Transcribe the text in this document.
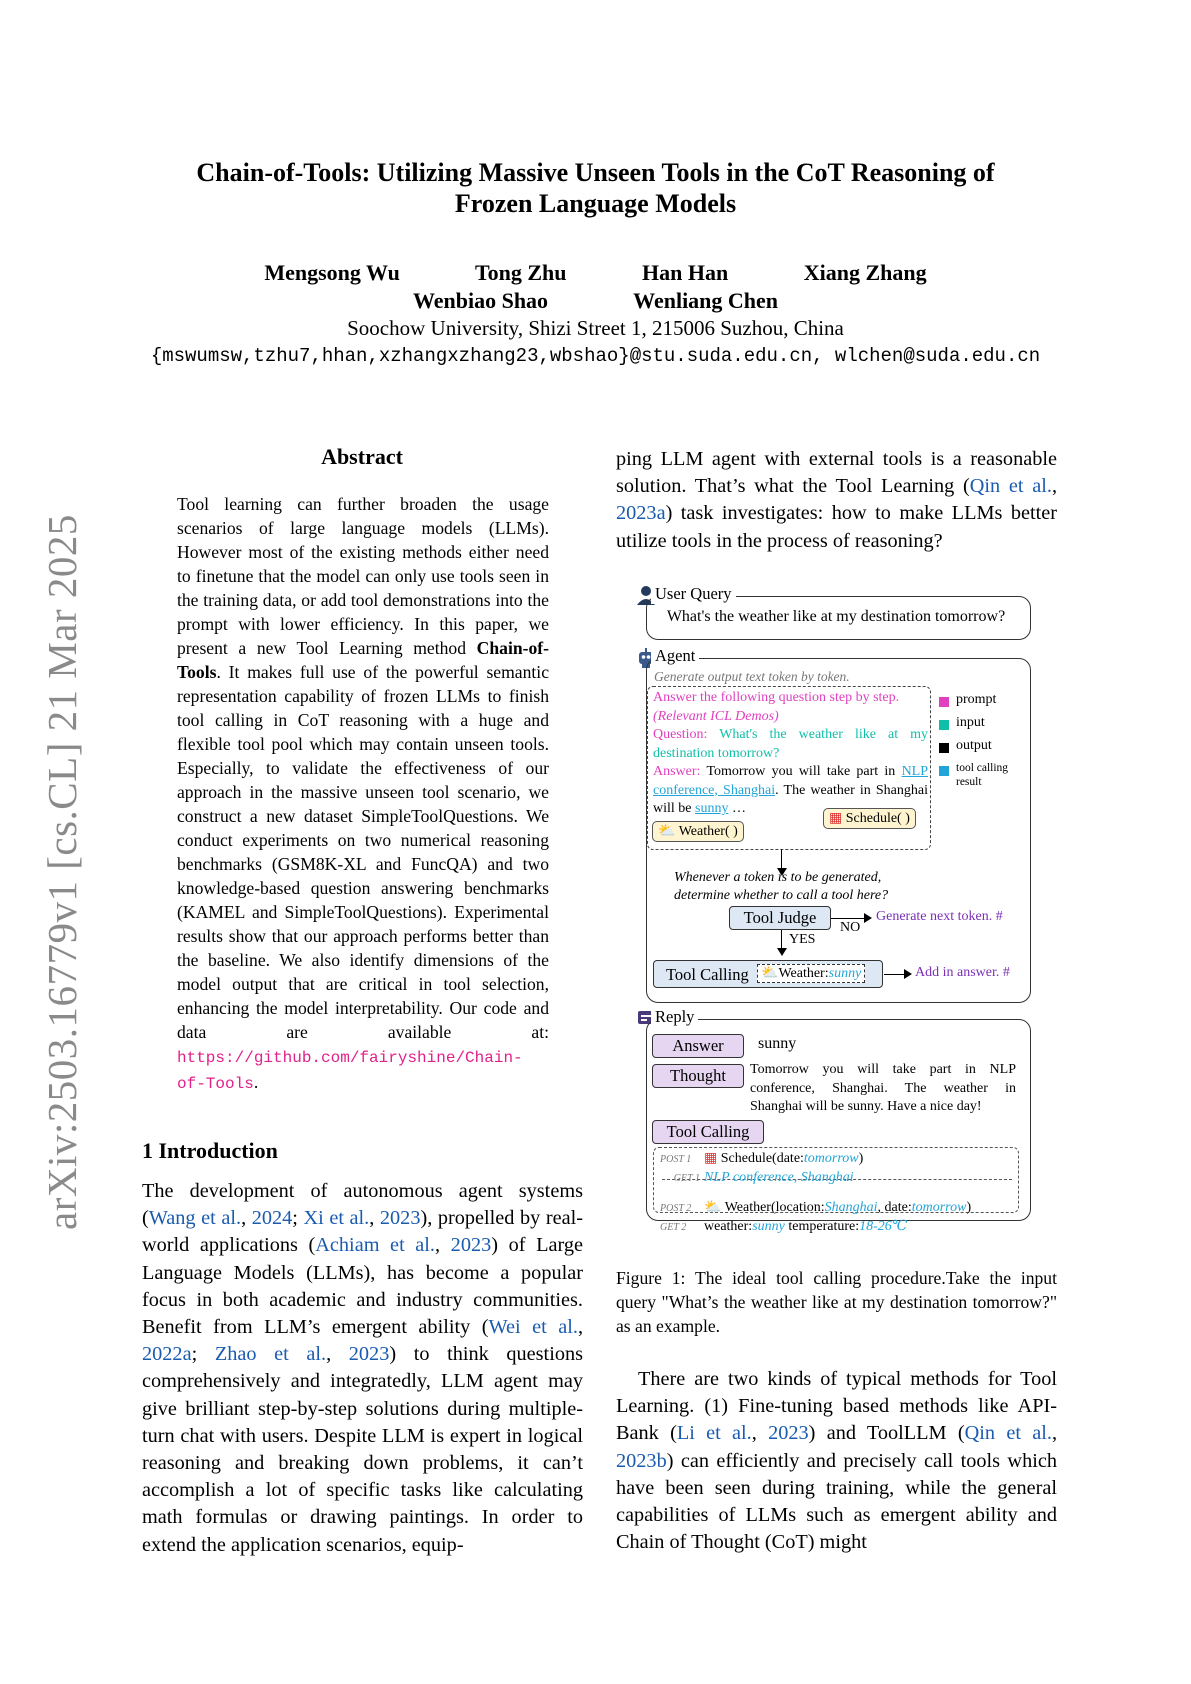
arXiv:2503.16779v1 [cs.CL] 21 Mar 2025
Chain-of-Tools: Utilizing Massive Unseen Tools in the CoT Reasoning of
Frozen Language Models
Mengsong Wu	Tong Zhu	Han Han	Xiang Zhang
Wenbiao Shao	Wenliang Chen
Soochow University, Shizi Street 1, 215006 Suzhou, China
{mswumsw,tzhu7,hhan,xzhangxzhang23,wbshao}@stu.suda.edu.cn, wlchen@suda.edu.cn
Abstract
Tool learning can further broaden the usage scenarios of large language models (LLMs). However most of the existing methods either need to finetune that the model can only use tools seen in the training data, or add tool demonstrations into the prompt with lower efficiency. In this paper, we present a new Tool Learning method Chain-of-Tools. It makes full use of the powerful semantic representation capability of frozen LLMs to finish tool calling in CoT reasoning with a huge and flexible tool pool which may contain unseen tools. Especially, to validate the effectiveness of our approach in the massive unseen tool scenario, we construct a new dataset SimpleToolQuestions. We conduct experiments on two numerical reasoning benchmarks (GSM8K-XL and FuncQA) and two knowledge-based question answering benchmarks (KAMEL and SimpleToolQuestions). Experimental results show that our approach performs better than the baseline. We also identify dimensions of the model output that are critical in tool selection, enhancing the model interpretability. Our code and data are available at: https://github.com/fairyshine/Chain-of-Tools.
1 Introduction
The development of autonomous agent systems (Wang et al., 2024; Xi et al., 2023), propelled by real-world applications (Achiam et al., 2023) of Large Language Models (LLMs), has become a popular focus in both academic and industry communities. Benefit from LLM’s emergent ability (Wei et al., 2022a; Zhao et al., 2023) to think questions comprehensively and integratedly, LLM agent may give brilliant step-by-step solutions during multiple-turn chat with users. Despite LLM is expert in logical reasoning and breaking down problems, it can’t accomplish a lot of specific tasks like calculating math formulas or drawing paintings. In order to extend the application scenarios, equip-
ping LLM agent with external tools is a reasonable solution. That’s what the Tool Learning (Qin et al., 2023a) task investigates: how to make LLMs better utilize tools in the process of reasoning?
User Query
What's the weather like at my destination tomorrow?
Agent
Generate output text token by token.
Answer the following question step by step.
(Relevant ICL Demos)
Question: What's the weather like at my destination tomorrow?
Answer: Tomorrow you will take part in NLP conference, Shanghai. The weather in Shanghai will be sunny …
⛅ Weather( )
▦ Schedule( )
prompt
input
output
tool calling result
Whenever a token is to be generated,
determine whether to call a tool here?
Tool Judge
NO
Generate next token. #
YES
Tool Calling ⛅Weather:sunny	Add in answer. #
Reply
Answer	sunny
Thought	Tomorrow you will take part in NLP conference, Shanghai. The weather in Shanghai will be sunny. Have a nice day!
Tool Calling
POST 1 ▦ Schedule(date:tomorrow)
GET 1 NLP conference, Shanghai
POST 2 ⛅ Weather(location:Shanghai, date:tomorrow)
GET 2 weather:sunny temperature:18-26℃
Figure 1: The ideal tool calling procedure.Take the input query "What’s the weather like at my destination tomorrow?" as an example.
There are two kinds of typical methods for Tool Learning. (1) Fine-tuning based methods like API-Bank (Li et al., 2023) and ToolLLM (Qin et al., 2023b) can efficiently and precisely call tools which have been seen during training, while the general capabilities of LLMs such as emergent ability and Chain of Thought (CoT) might
